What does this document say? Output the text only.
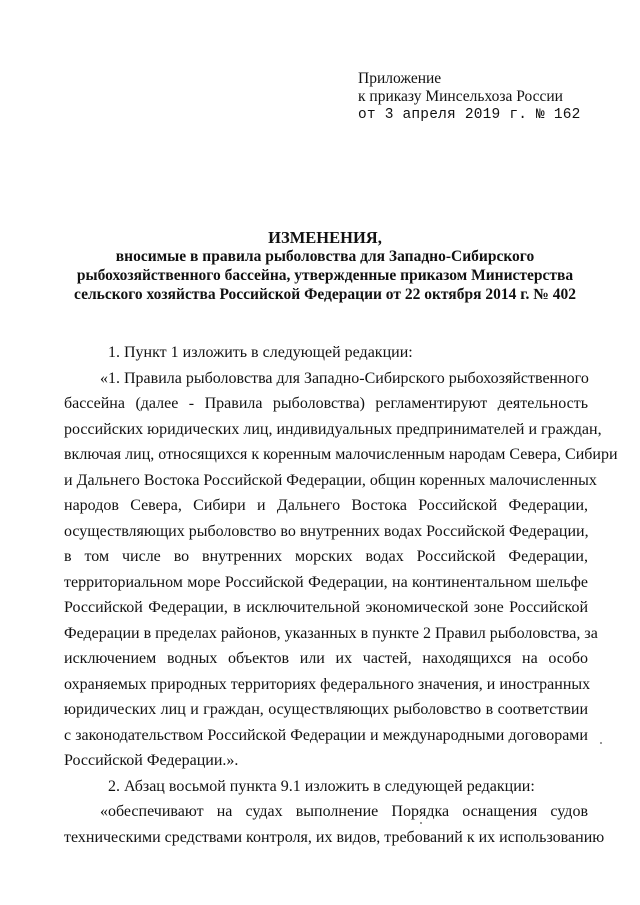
Приложение
к приказу Минсельхоза России
от 3 апреля 2019 г. № 162
ИЗМЕНЕНИЯ,
вносимые в правила рыболовства для Западно-Сибирского
рыбохозяйственного бассейна, утвержденные приказом Министерства
сельского хозяйства Российской Федерации от 22 октября 2014 г. № 402
1. Пункт 1 изложить в следующей редакции:
«1. Правила рыболовства для Западно-Сибирского рыбохозяйственного
бассейна (далее - Правила рыболовства) регламентируют деятельность
российских юридических лиц, индивидуальных предпринимателей и граждан,
включая лиц, относящихся к коренным малочисленным народам Севера, Сибири
и Дальнего Востока Российской Федерации, общин коренных малочисленных
народов Севера, Сибири и Дальнего Востока Российской Федерации,
осуществляющих рыболовство во внутренних водах Российской Федерации,
в том числе во внутренних морских водах Российской Федерации,
территориальном море Российской Федерации, на континентальном шельфе
Российской Федерации, в исключительной экономической зоне Российской
Федерации в пределах районов, указанных в пункте 2 Правил рыболовства, за
исключением водных объектов или их частей, находящихся на особо
охраняемых природных территориях федерального значения, и иностранных
юридических лиц и граждан, осуществляющих рыболовство в соответствии
с законодательством Российской Федерации и международными договорами
Российской Федерации.».
2. Абзац восьмой пункта 9.1 изложить в следующей редакции:
«обеспечивают на судах выполнение Порядка оснащения судов
техническими средствами контроля, их видов, требований к их использованию
